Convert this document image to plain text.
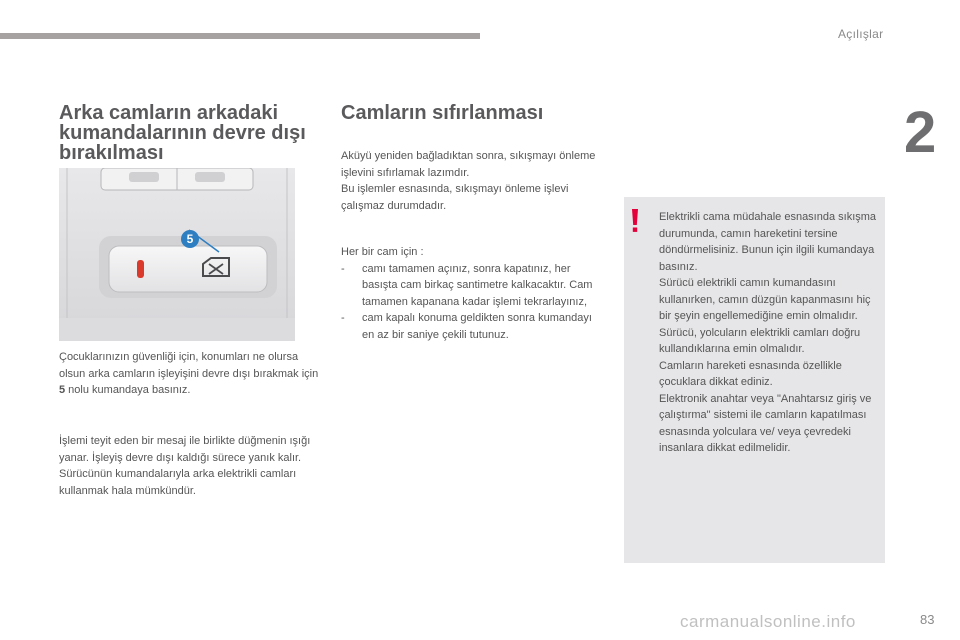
Açılışlar
2
Arka camların arkadaki kumandalarının devre dışı bırakılması
5

Çocuklarınızın güvenliği için, konumları ne olursa olsun arka camların işleyişini devre dışı bırakmak için 5 nolu kumandaya basınız.

İşlemi teyit eden bir mesaj ile birlikte düğmenin ışığı yanar. İşleyiş devre dışı kaldığı sürece yanık kalır.
Sürücünün kumandalarıyla arka elektrikli camları kullanmak hala mümkündür.

Camların sıfırlanması

Aküyü yeniden bağladıktan sonra, sıkışmayı önleme işlevini sıfırlamak lazımdır.
Bu işlemler esnasında, sıkışmayı önleme işlevi çalışmaz durumdadır.

Her bir cam için :
- camı tamamen açınız, sonra kapatınız, her basışta cam birkaç santimetre kalkacaktır. Cam tamamen kapanana kadar işlemi tekrarlayınız,
- cam kapalı konuma geldikten sonra kumandayı en az bir saniye çekili tutunuz.
Elektrikli cama müdahale esnasında sıkışma durumunda, camın hareketini tersine döndürmelisiniz. Bunun için ilgili kumandaya basınız.
Sürücü elektrikli camın kumandasını kullanırken, camın düzgün kapanmasını hiç bir şeyin engellemediğine emin olmalıdır.
Sürücü, yolcuların elektrikli camları doğru kullandıklarına emin olmalıdır.
Camların hareketi esnasında özellikle çocuklara dikkat ediniz.
Elektronik anahtar veya "Anahtarsız giriş ve çalıştırma" sistemi ile camların kapatılması esnasında yolculara ve/ veya çevredeki insanlara dikkat edilmelidir.
carmanualsonline.info	83
